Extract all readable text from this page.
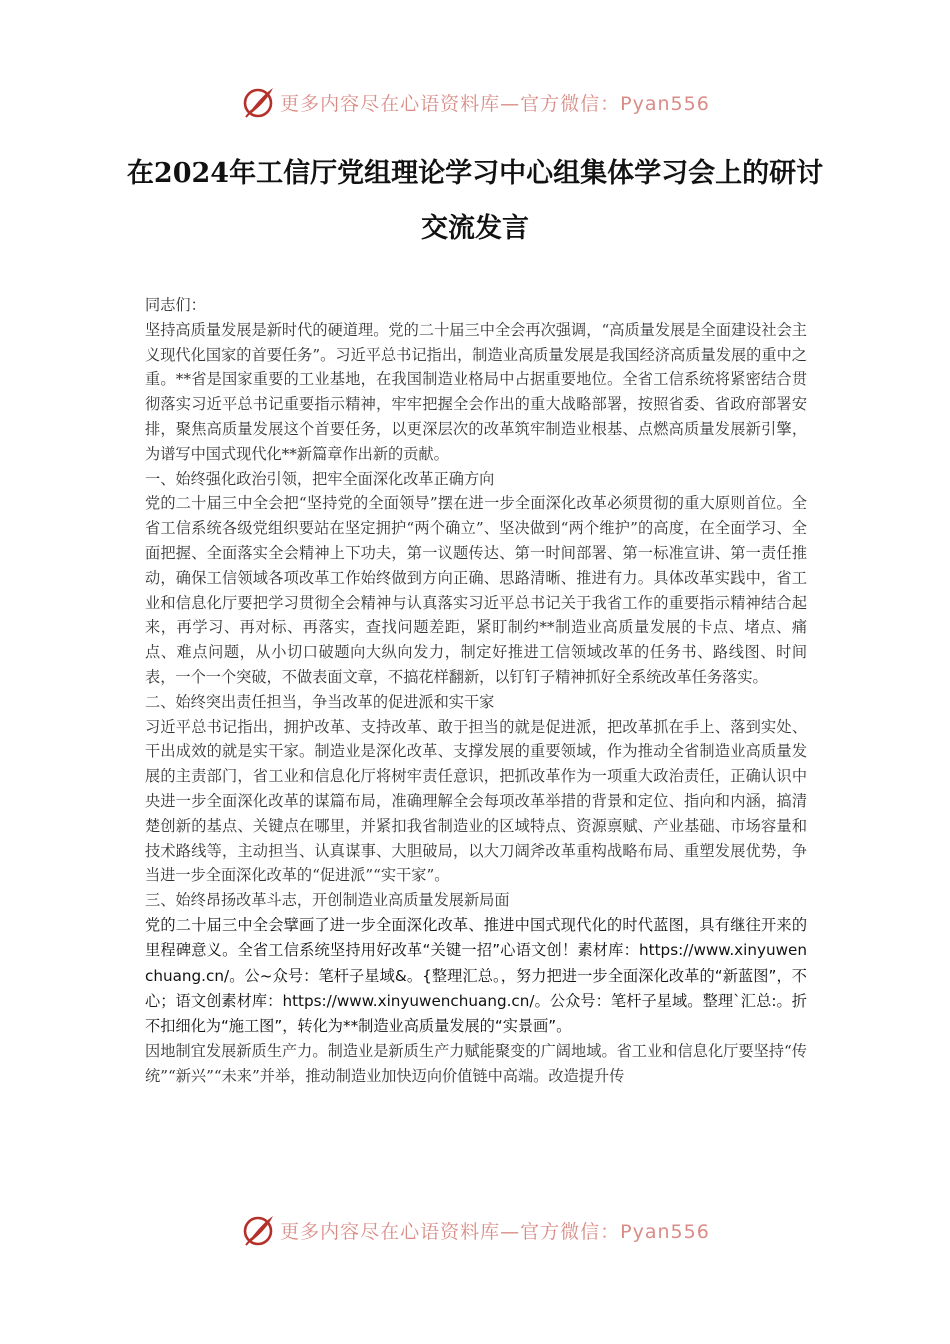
更多内容尽在心语资料库—官方微信：Pyan556
在2024年工信厅党组理论学习中心组集体学习会上的研讨交流发言

同志们：

坚持高质量发展是新时代的硬道理。党的二十届三中全会再次强调，“高质量发展是全面建设社会主义现代化国家的首要任务”。习近平总书记指出，制造业高质量发展是我国经济高质量发展的重中之重。**省是国家重要的工业基地，在我国制造业格局中占据重要地位。全省工信系统将紧密结合贯彻落实习近平总书记重要指示精神，牢牢把握全会作出的重大战略部署，按照省委、省政府部署安排，聚焦高质量发展这个首要任务，以更深层次的改革筑牢制造业根基、点燃高质量发展新引擎，为谱写中国式现代化**新篇章作出新的贡献。

一、始终强化政治引领，把牢全面深化改革正确方向

党的二十届三中全会把“坚持党的全面领导”摆在进一步全面深化改革必须贯彻的重大原则首位。全省工信系统各级党组织要站在坚定拥护“两个确立”、坚决做到“两个维护”的高度，在全面学习、全面把握、全面落实全会精神上下功夫，第一议题传达、第一时间部署、第一标准宣讲、第一责任推动，确保工信领域各项改革工作始终做到方向正确、思路清晰、推进有力。具体改革实践中，省工业和信息化厅要把学习贯彻全会精神与认真落实习近平总书记关于我省工作的重要指示精神结合起来，再学习、再对标、再落实，查找问题差距，紧盯制约**制造业高质量发展的卡点、堵点、痛点、难点问题，从小切口破题向大纵向发力，制定好推进工信领域改革的任务书、路线图、时间表，一个一个突破，不做表面文章，不搞花样翻新，以钉钉子精神抓好全系统改革任务落实。

二、始终突出责任担当，争当改革的促进派和实干家

习近平总书记指出，拥护改革、支持改革、敢于担当的就是促进派，把改革抓在手上、落到实处、干出成效的就是实干家。制造业是深化改革、支撑发展的重要领域，作为推动全省制造业高质量发展的主责部门，省工业和信息化厅将树牢责任意识，把抓改革作为一项重大政治责任，正确认识中央进一步全面深化改革的谋篇布局，准确理解全会每项改革举措的背景和定位、指向和内涵，搞清楚创新的基点、关键点在哪里，并紧扣我省制造业的区域特点、资源禀赋、产业基础、市场容量和技术路线等，主动担当、认真谋事、大胆破局，以大刀阔斧改革重构战略布局、重塑发展优势，争当进一步全面深化改革的“促进派”“实干家”。

三、始终昂扬改革斗志，开创制造业高质量发展新局面

党的二十届三中全会擘画了进一步全面深化改革、推进中国式现代化的时代蓝图，具有继往开来的里程碑意义。全省工信系统坚持用好改革“关键一招”心语文创！素材库：https://www.xinyuwenchuang.cn/。公~众号：笔杆子星域&。{整理汇总。，努力把进一步全面深化改革的“新蓝图”，不心；语文创素材库：https://www.xinyuwenchuang.cn/。公众号：笔杆子星域。整理`汇总:。折不扣细化为“施工图”，转化为**制造业高质量发展的“实景画”。

因地制宜发展新质生产力。制造业是新质生产力赋能聚变的广阔地域。省工业和信息化厅要坚持“传统”“新兴”“未来”并举，推动制造业加快迈向价值链中高端。改造提升传

更多内容尽在心语资料库—官方微信：Pyan556
